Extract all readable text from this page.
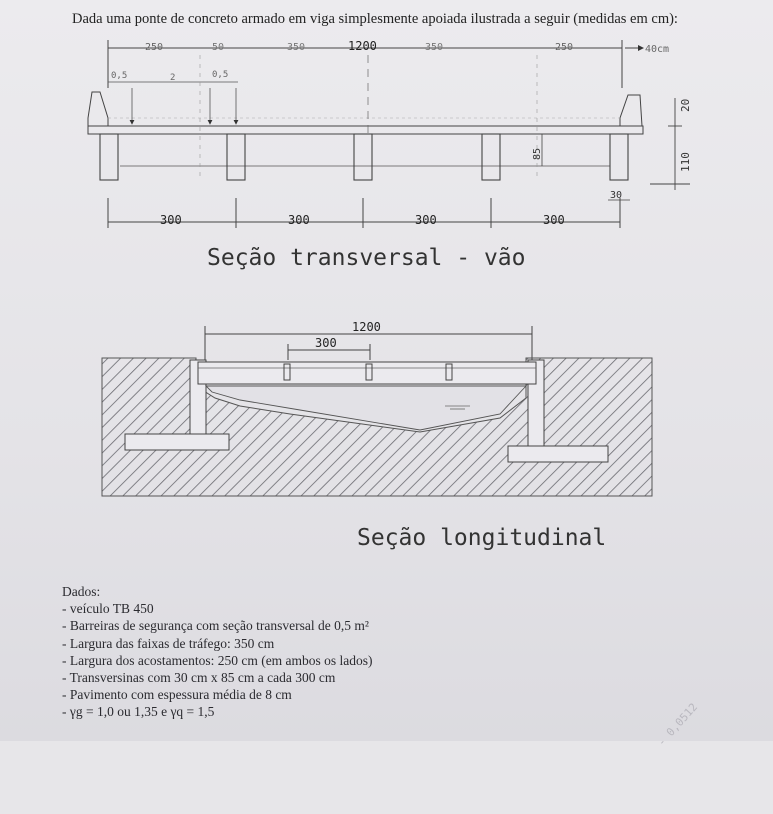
Dada uma ponte de concreto armado em viga simplesmente apoiada ilustrada a seguir (medidas em cm):
250	50	350	1200	350	250	40cm
0,5	2	0,5
20
110
85
30
300	300	300	300
Seção transversal - vão
1200
300
Seção longitudinal
Dados:
- veículo TB 450
- Barreiras de segurança com seção transversal de 0,5 m²
- Largura das faixas de tráfego: 350 cm
- Largura dos acostamentos: 250 cm (em ambos os lados)
- Transversinas com 30 cm x 85 cm a cada 300 cm
- Pavimento com espessura média de 8 cm
- γg = 1,0 ou 1,35 e γq = 1,5	- 0,0512
